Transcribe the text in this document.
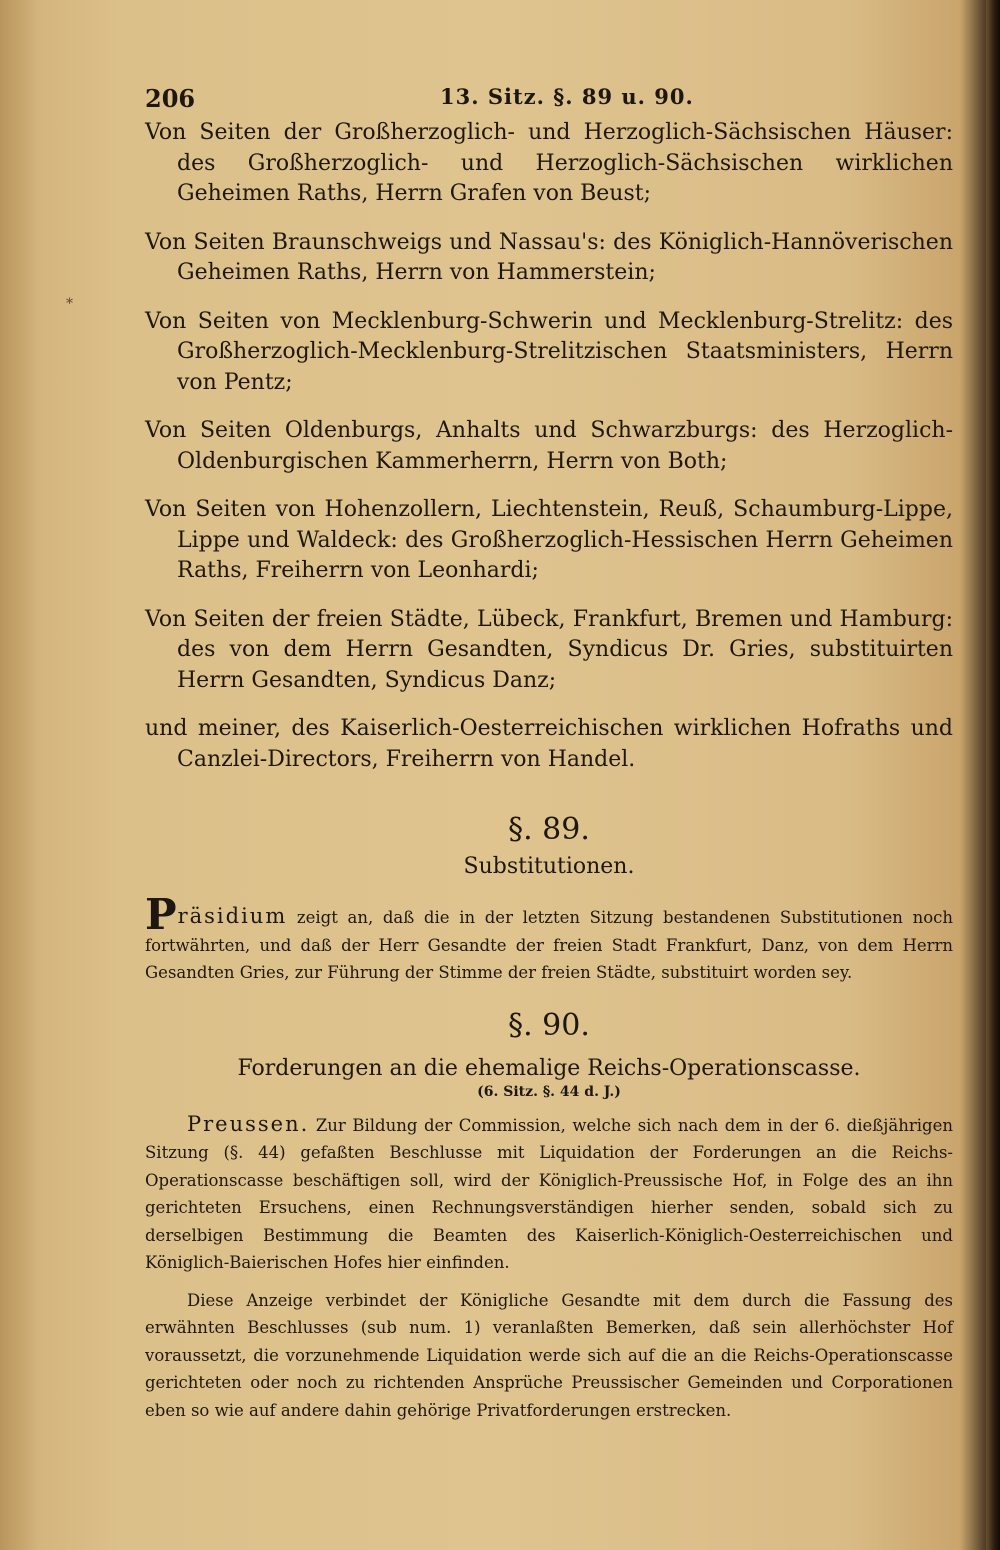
*
206	13. Sitz. §. 89 u. 90.

Von Seiten der Großherzoglich- und Herzoglich-Sächsischen Häuser: des Großherzoglich- und Herzoglich-Sächsischen wirklichen Geheimen Raths, Herrn Grafen von Beust;

Von Seiten Braunschweigs und Nassau's: des Königlich-Hannöverischen Geheimen Raths, Herrn von Hammerstein;

Von Seiten von Mecklenburg-Schwerin und Mecklenburg-Strelitz: des Großherzoglich-Mecklenburg-Strelitzischen Staatsministers, Herrn von Pentz;

Von Seiten Oldenburgs, Anhalts und Schwarzburgs: des Herzoglich-Oldenburgischen Kammerherrn, Herrn von Both;

Von Seiten von Hohenzollern, Liechtenstein, Reuß, Schaumburg-Lippe, Lippe und Waldeck: des Großherzoglich-Hessischen Herrn Geheimen Raths, Freiherrn von Leonhardi;

Von Seiten der freien Städte, Lübeck, Frankfurt, Bremen und Hamburg: des von dem Herrn Gesandten, Syndicus Dr. Gries, substituirten Herrn Gesandten, Syndicus Danz;

und meiner, des Kaiserlich-Oesterreichischen wirklichen Hofraths und Canzlei-Directors, Freiherrn von Handel.

§. 89.

Substitutionen.

Präsidium zeigt an, daß die in der letzten Sitzung bestandenen Substitutionen noch fortwährten, und daß der Herr Gesandte der freien Stadt Frankfurt, Danz, von dem Herrn Gesandten Gries, zur Führung der Stimme der freien Städte, substituirt worden sey.

§. 90.

Forderungen an die ehemalige Reichs-Operationscasse.

(6. Sitz. §. 44 d. J.)

Preussen. Zur Bildung der Commission, welche sich nach dem in der 6. dießjährigen Sitzung (§. 44) gefaßten Beschlusse mit Liquidation der Forderungen an die Reichs-Operationscasse beschäftigen soll, wird der Königlich-Preussische Hof, in Folge des an ihn gerichteten Ersuchens, einen Rechnungsverständigen hierher senden, sobald sich zu derselbigen Bestimmung die Beamten des Kaiserlich-Königlich-Oesterreichischen und Königlich-Baierischen Hofes hier einfinden.

Diese Anzeige verbindet der Königliche Gesandte mit dem durch die Fassung des erwähnten Beschlusses (sub num. 1) veranlaßten Bemerken, daß sein allerhöchster Hof voraussetzt, die vorzunehmende Liquidation werde sich auf die an die Reichs-Operationscasse gerichteten oder noch zu richtenden Ansprüche Preussischer Gemeinden und Corporationen eben so wie auf andere dahin gehörige Privatforderungen erstrecken.
